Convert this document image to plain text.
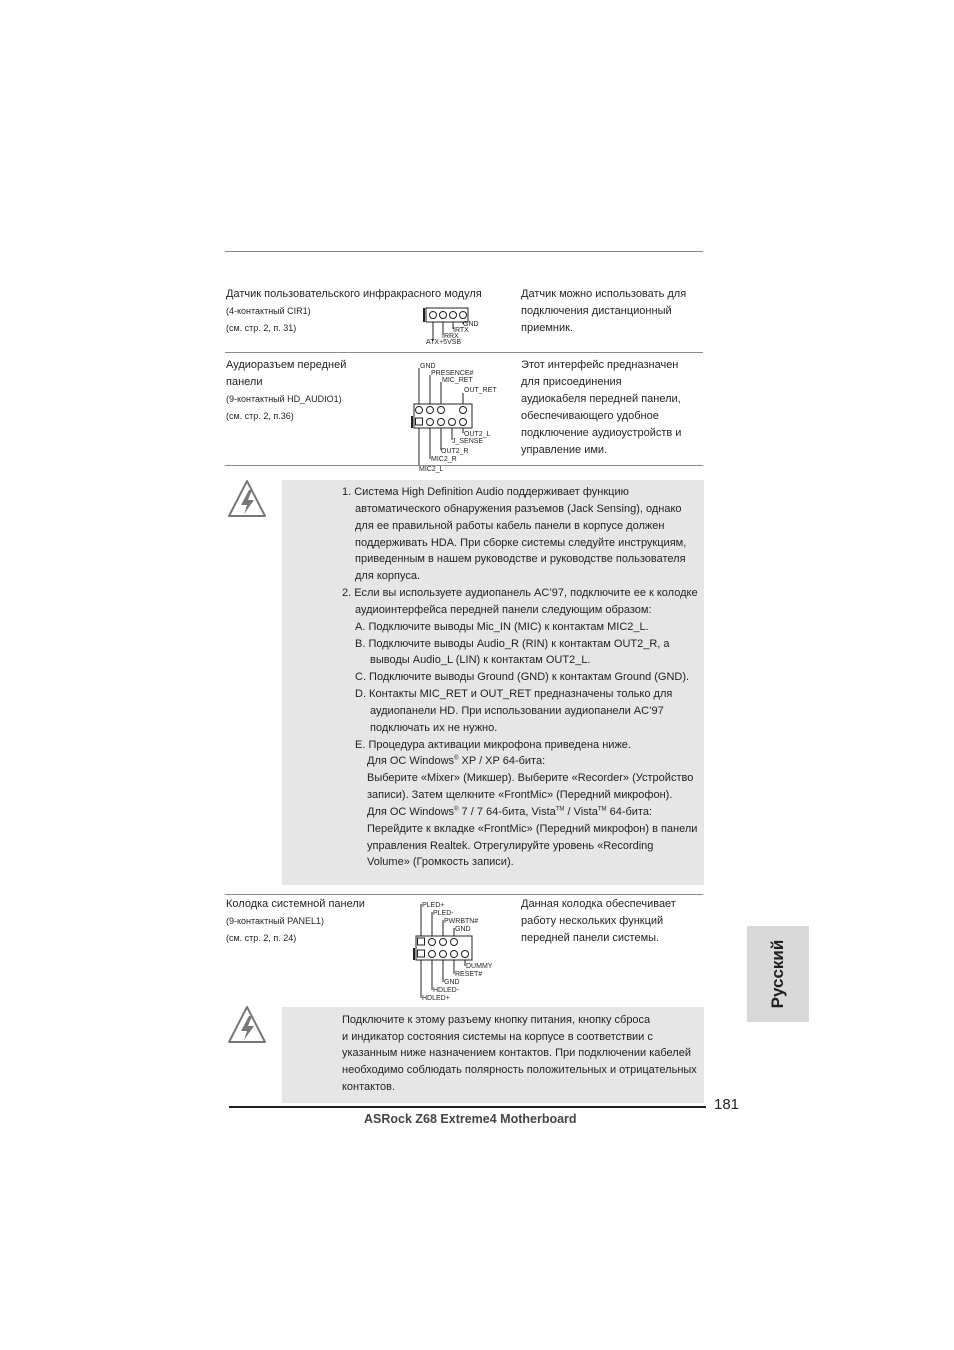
Датчик пользовательского инфракрасного модуля
(4-контактный CIR1)
(см. стр. 2, п. 31)
Датчик можно использовать для
подключения дистанционный
приемник.
GND
IRTX
IRRX
ATX+5VSB
Аудиоразъем передней
панели
(9-контактный HD_AUDIO1)
(см. стр. 2, п.36)
Этот интерфейс предназначен
для присоединения
аудиокабеля передней панели,
обеспечивающего удобное
подключение аудиоустройств и
управление ими.
GND
PRESENCE#
MIC_RET
OUT_RET
OUT2_L
J_SENSE
OUT2_R
MIC2_R
MIC2_L
1. Система High Definition Audio поддерживает функцию
автоматического обнаружения разъемов (Jack Sensing), однако
для ее правильной работы кабель панели в корпусе должен
поддерживать HDA. При сборке системы следуйте инструкциям,
приведенным в нашем руководстве и руководстве пользователя
для корпуса.
2. Если вы используете аудиопанель AC’97, подключите ее к колодке
аудиоинтерфейса передней панели следующим образом:
A. Подключите выводы Mic_IN (MIC) к контактам MIC2_L.
B. Подключите выводы Audio_R (RIN) к контактам OUT2_R, а
выводы Audio_L (LIN) к контактам OUT2_L.
C. Подключите выводы Ground (GND) к контактам Ground (GND).
D. Контакты MIC_RET и OUT_RET предназначены только для
аудиопанели HD. При использовании аудиопанели AC’97
подключать их не нужно.
E. Процедура активации микрофона приведена ниже.
Для ОС Windows® XP / XP 64-бита:
Выберите «Mixer» (Микшер). Выберите «Recorder» (Устройство
записи). Затем щелкните «FrontMic» (Передний микрофон).
Для ОС Windows® 7 / 7 64-бита, Vista™ / Vista™ 64-бита:
Перейдите к вкладке «FrontMic» (Передний микрофон) в панели
управления Realtek. Отрегулируйте уровень «Recording
Volume» (Громкость записи).
Колодка системной панели
(9-контактный PANEL1)
(см. стр. 2, п. 24)
Данная колодка обеспечивает
работу нескольких функций
передней панели системы.
PLED+
PLED-
PWRBTN#
GND
DUMMY
RESET#
GND
HDLED-
HDLED+
Подключите к этому разъему кнопку питания, кнопку сброса
и индикатор состояния системы на корпусе в соответствии с
указанным ниже назначением контактов. При подключении кабелей
необходимо соблюдать полярность положительных и отрицательных
контактов.
Русский
181
ASRock Z68 Extreme4 Motherboard
